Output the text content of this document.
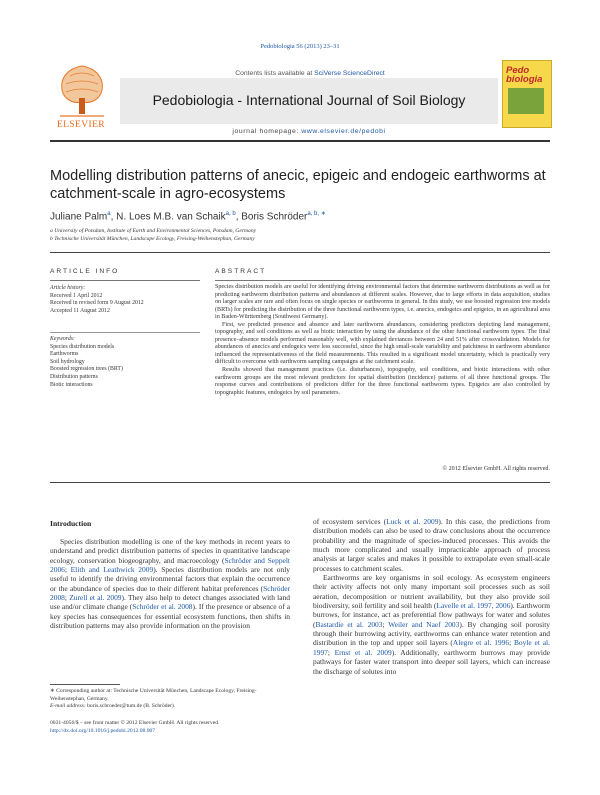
Pedobiologia 56 (2013) 23–31
ELSEVIER
Contents lists available at SciVerse ScienceDirect
Pedobiologia - International Journal of Soil Biology
journal homepage: www.elsevier.de/pedobi
Pedo biologia
Modelling distribution patterns of anecic, epigeic and endogeic earthworms at catchment-scale in agro-ecosystems
Juliane Palm$^a$, N. Loes M.B. van Schaik$^{a, b}$, Boris Schröder$^{a, b, ∗}$
a University of Potsdam, Institute of Earth and Environmental Sciences, Potsdam, Germany
b Technische Universität München, Landscape Ecology, Freising-Weihenstephan, Germany
ARTICLE INFO	ABSTRACT
Article history:
Received 1 April 2012
Received in revised form 9 August 2012
Accepted 11 August 2012
Keywords:
Species distribution models
Earthworms
Soil hydrology
Boosted regression trees (BRT)
Distribution patterns
Biotic interactions

Species distribution models are useful for identifying driving environmental factors that determine earthworm distributions as well as for predicting earthworm distribution patterns and abundances at different scales. However, due to large efforts in data acquisition, studies on larger scales are rare and often focus on single species or earthworms in general. In this study, we use boosted regression tree models (BRTs) for predicting the distribution of the three functional earthworm types, i.e. anecics, endogeics and epigeics, in an agricultural area in Baden-Württemberg (Southwest Germany).

First, we predicted presence and absence and later earthworm abundances, considering predictors depicting land management, topography, and soil conditions as well as biotic interaction by using the abundance of the other functional earthworm types. The final presence–absence models performed reasonably well, with explained deviances between 24 and 51% after crossvalidation. Models for abundances of anecics and endogeics were less successful, since the high small-scale variability and patchiness in earthworm abundance influenced the representativeness of the field measurements. This resulted in a significant model uncertainty, which is practically very difficult to overcome with earthworm sampling campaigns at the catchment scale.

Results showed that management practices (i.e. disturbances), topography, soil conditions, and biotic interactions with other earthworm groups are the most relevant predictors for spatial distribution (incidence) patterns of all three functional groups. The response curves and contributions of predictors differ for the three functional earthworm types. Epigeics are also controlled by topographic features, endogeics by soil parameters.

© 2012 Elsevier GmbH. All rights reserved.
Introduction

Species distribution modelling is one of the key methods in recent years to understand and predict distribution patterns of species in quantitative landscape ecology, conservation biogeography, and macroecology (Schröder and Seppelt 2006; Elith and Leathwick 2009). Species distribution models are not only useful to identify the driving environmental factors that explain the occurrence or the abundance of species due to their different habitat preferences (Schröder 2008; Zurell et al. 2009). They also help to detect changes associated with land use and/or climate change (Schröder et al. 2008). If the presence or absence of a key species has consequences for essential ecosystem functions, then shifts in distribution patterns may also provide information on the provision

of ecosystem services (Luck et al. 2009). In this case, the predictions from distribution models can also be used to draw conclusions about the occurrence probability and the magnitude of species-induced processes. This avoids the much more complicated and usually impracticable approach of process analysis at larger scales and makes it possible to extrapolate even small-scale processes to catchment scales.

Earthworms are key organisms in soil ecology. As ecosystem engineers their activity affects not only many important soil processes such as soil aeration, decomposition or nutrient availability, but they also provide soil biodiversity, soil fertility and soil health (Lavelle et al. 1997, 2006). Earthworm burrows, for instance, act as preferential flow pathways for water and solutes (Bastardie et al. 2003; Weiler and Naef 2003). By changing soil porosity through their burrowing activity, earthworms can enhance water retention and distribution in the top and upper soil layers (Alegre et al. 1996; Boyle et al. 1997; Ernst et al. 2009). Additionally, earthworm burrows may provide pathways for faster water transport into deeper soil layers, which can increase the discharge of solutes into

∗ Corresponding author at: Technische Universität München, Landscape Ecology, Freising-Weihenstephan, Germany.
E-mail address: boris.schroeder@tum.de (B. Schröder).
0031-4056/$ – see front matter © 2012 Elsevier GmbH. All rights reserved.
http://dx.doi.org/10.1016/j.pedobi.2012.08.007
